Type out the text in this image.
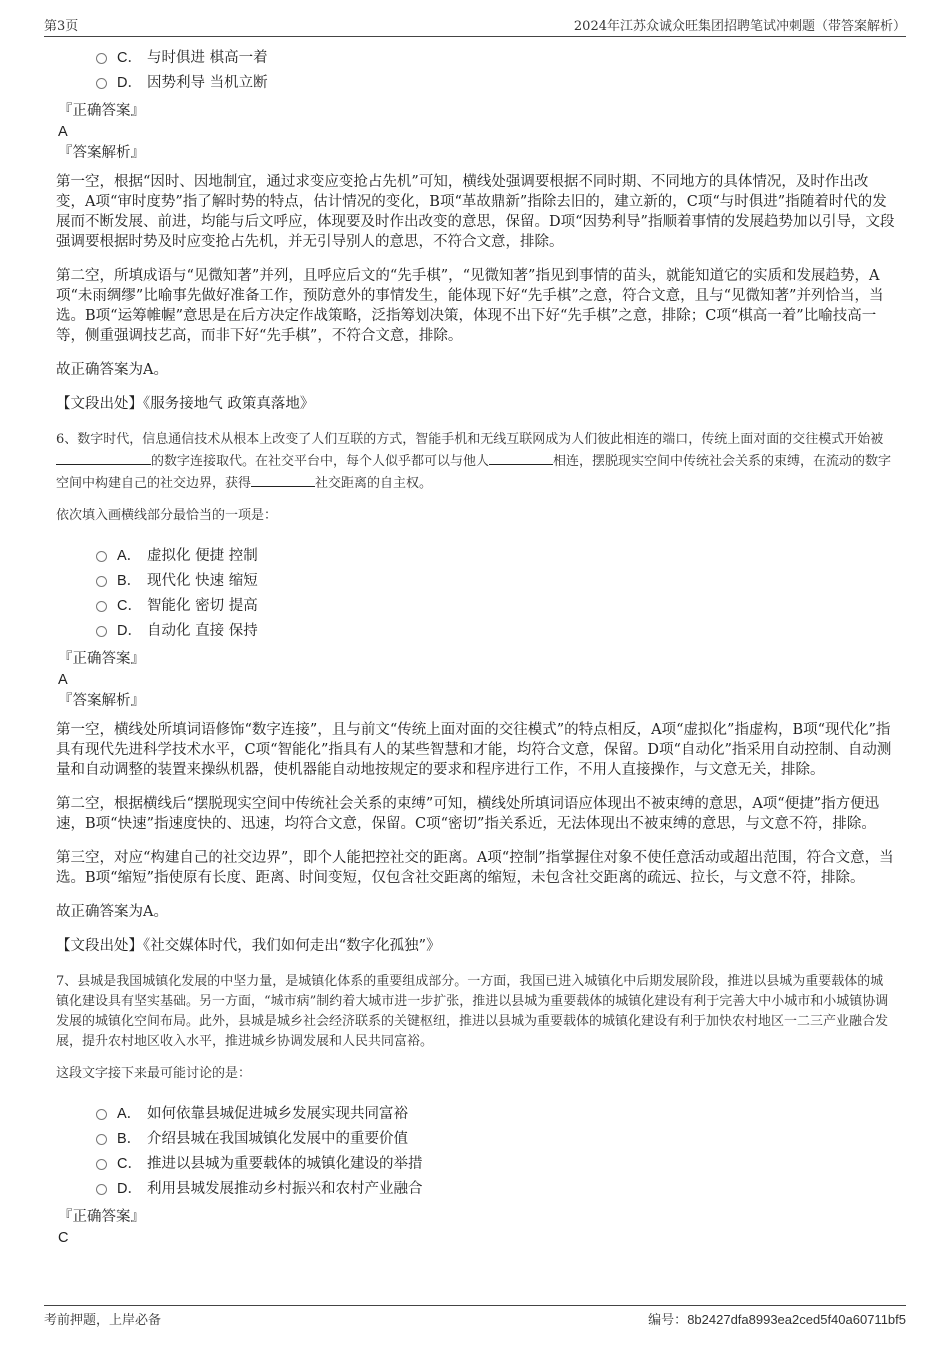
第3页	2024年江苏众诚众旺集团招聘笔试冲刺题（带答案解析）
C． 与时俱进 棋高一着
D． 因势利导 当机立断
『正确答案』
A
『答案解析』

第一空，根据“因时、因地制宜，通过求变应变抢占先机”可知，横线处强调要根据不同时期、不同地方的具体情况，及时作出改变，A项“审时度势”指了解时势的特点，估计情况的变化，B项“革故鼎新”指除去旧的，建立新的，C项“与时俱进”指随着时代的发展而不断发展、前进，均能与后文呼应，体现要及时作出改变的意思，保留。D项“因势利导”指顺着事情的发展趋势加以引导，文段强调要根据时势及时应变抢占先机，并无引导别人的意思，不符合文意，排除。

第二空，所填成语与“见微知著”并列，且呼应后文的“先手棋”，“见微知著”指见到事情的苗头，就能知道它的实质和发展趋势，A项“未雨绸缪”比喻事先做好准备工作，预防意外的事情发生，能体现下好“先手棋”之意，符合文意，且与“见微知著”并列恰当，当选。B项“运筹帷幄”意思是在后方决定作战策略，泛指筹划决策，体现不出下好“先手棋”之意，排除；C项“棋高一着”比喻技高一等，侧重强调技艺高，而非下好“先手棋”，不符合文意，排除。

故正确答案为A。

【文段出处】《服务接地气 政策真落地》

6、数字时代，信息通信技术从根本上改变了人们互联的方式，智能手机和无线互联网成为人们彼此相连的端口，传统上面对面的交往模式开始被的数字连接取代。在社交平台中，每个人似乎都可以与他人	相连，摆脱现实空间中传统社会关系的束缚，在流动的数字空间中构建自己的社交边界，获得	社交距离的自主权。

依次填入画横线部分最恰当的一项是：

A． 虚拟化 便捷 控制
B． 现代化 快速 缩短
C． 智能化 密切 提高
D． 自动化 直接 保持
『正确答案』
A
『答案解析』

第一空，横线处所填词语修饰“数字连接”，且与前文“传统上面对面的交往模式”的特点相反，A项“虚拟化”指虚构，B项“现代化”指具有现代先进科学技术水平，C项“智能化”指具有人的某些智慧和才能，均符合文意，保留。D项“自动化”指采用自动控制、自动测量和自动调整的装置来操纵机器，使机器能自动地按规定的要求和程序进行工作，不用人直接操作，与文意无关，排除。

第二空，根据横线后“摆脱现实空间中传统社会关系的束缚”可知，横线处所填词语应体现出不被束缚的意思，A项“便捷”指方便迅速，B项“快速”指速度快的、迅速，均符合文意，保留。C项“密切”指关系近，无法体现出不被束缚的意思，与文意不符，排除。

第三空，对应“构建自己的社交边界”，即个人能把控社交的距离。A项“控制”指掌握住对象不使任意活动或超出范围，符合文意，当选。B项“缩短”指使原有长度、距离、时间变短，仅包含社交距离的缩短，未包含社交距离的疏远、拉长，与文意不符，排除。

故正确答案为A。

【文段出处】《社交媒体时代，我们如何走出“数字化孤独”》

7、县城是我国城镇化发展的中坚力量，是城镇化体系的重要组成部分。一方面，我国已进入城镇化中后期发展阶段，推进以县城为重要载体的城镇化建设具有坚实基础。另一方面，“城市病”制约着大城市进一步扩张，推进以县城为重要载体的城镇化建设有利于完善大中小城市和小城镇协调发展的城镇化空间布局。此外，县城是城乡社会经济联系的关键枢纽，推进以县城为重要载体的城镇化建设有利于加快农村地区一二三产业融合发展，提升农村地区收入水平，推进城乡协调发展和人民共同富裕。

这段文字接下来最可能讨论的是：

A． 如何依靠县城促进城乡发展实现共同富裕
B． 介绍县城在我国城镇化发展中的重要价值
C． 推进以县城为重要载体的城镇化建设的举措
D． 利用县城发展推动乡村振兴和农村产业融合
『正确答案』
C
考前押题，上岸必备	编号：8b2427dfa8993ea2ced5f40a60711bf5
